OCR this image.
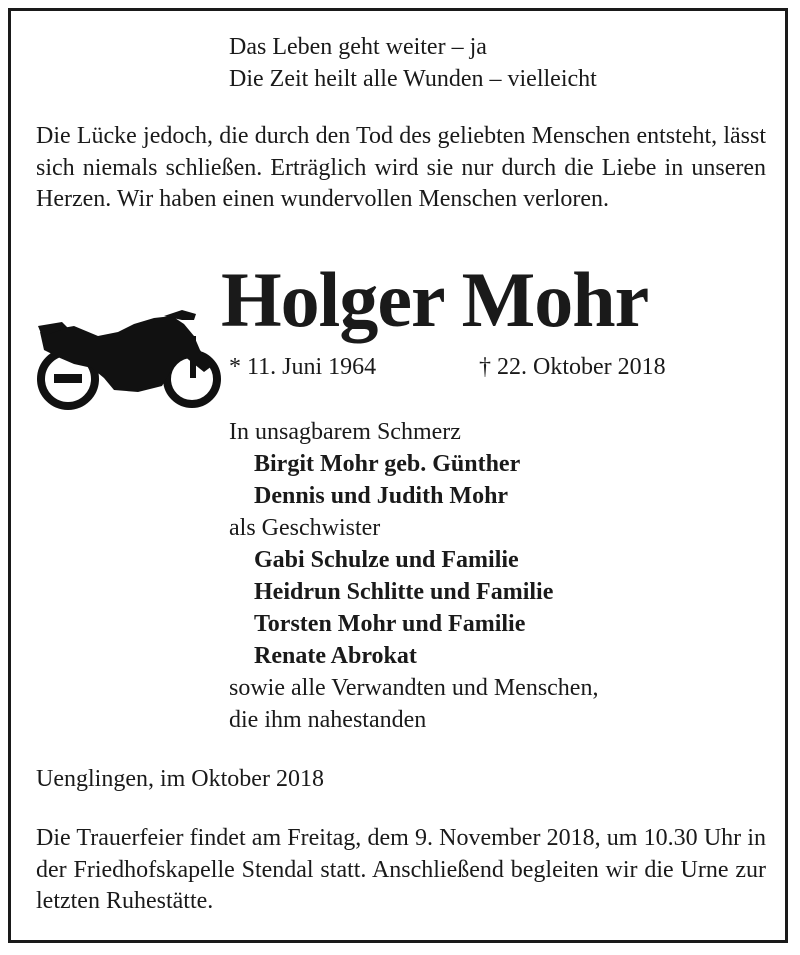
Das Leben geht weiter – ja
Die Zeit heilt alle Wunden – vielleicht
Die Lücke jedoch, die durch den Tod des geliebten Menschen entsteht, lässt sich niemals schließen. Erträglich wird sie nur durch die Liebe in unseren Herzen. Wir haben einen wundervollen Menschen verloren.
Holger Mohr
* 11. Juni 1964	† 22. Oktober 2018
In unsagbarem Schmerz
Birgit Mohr geb. Günther
Dennis und Judith Mohr
als Geschwister
Gabi Schulze und Familie
Heidrun Schlitte und Familie
Torsten Mohr und Familie
Renate Abrokat
sowie alle Verwandten und Menschen,
die ihm nahestanden
Uenglingen, im Oktober 2018
Die Trauerfeier findet am Freitag, dem 9. November 2018, um 10.30 Uhr in der Friedhofskapelle Stendal statt. Anschließend begleiten wir die Urne zur letzten Ruhestätte.
